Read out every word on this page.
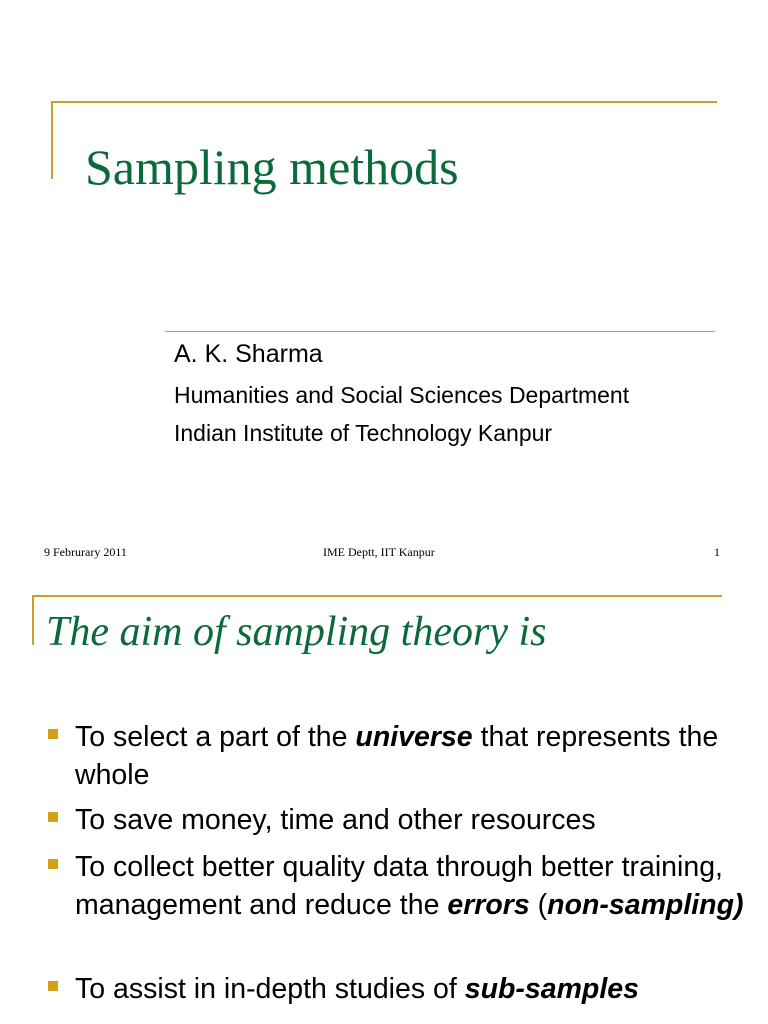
Sampling methods
A. K. Sharma
Humanities and Social Sciences Department
Indian Institute of Technology Kanpur
9 Februrary 2011	IME Deptt, IIT Kanpur	1
The aim of sampling theory is
To select a part of the universe that represents the whole
To save money, time and other resources
To collect better quality data through better training, management and reduce the errors (non-sampling)
To assist in in-depth studies of sub-samples
